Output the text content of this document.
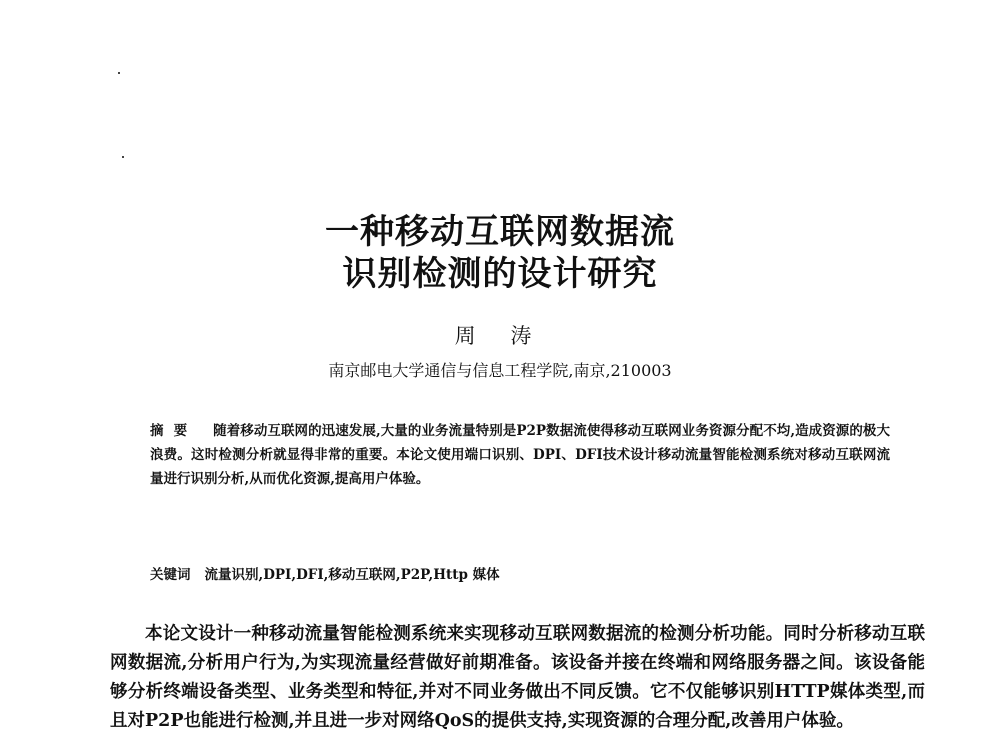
一种移动互联网数据流
识别检测的设计研究
周 涛
南京邮电大学通信与信息工程学院,南京,210003
摘要 随着移动互联网的迅速发展,大量的业务流量特别是P2P数据流使得移动互联网业务资源分配不均,造成资源的极大浪费。这时检测分析就显得非常的重要。本论文使用端口识别、DPI、DFI技术设计移动流量智能检测系统对移动互联网流量进行识别分析,从而优化资源,提高用户体验。
关键词 流量识别,DPI,DFI,移动互联网,P2P,Http 媒体

本论文设计一种移动流量智能检测系统来实现移动互联网数据流的检测分析功能。同时分析移动互联网数据流,分析用户行为,为实现流量经营做好前期准备。该设备并接在终端和网络服务器之间。该设备能够分析终端设备类型、业务类型和特征,并对不同业务做出不同反馈。它不仅能够识别HTTP媒体类型,而且对P2P也能进行检测,并且进一步对网络QoS的提供支持,实现资源的合理分配,改善用户体验。
